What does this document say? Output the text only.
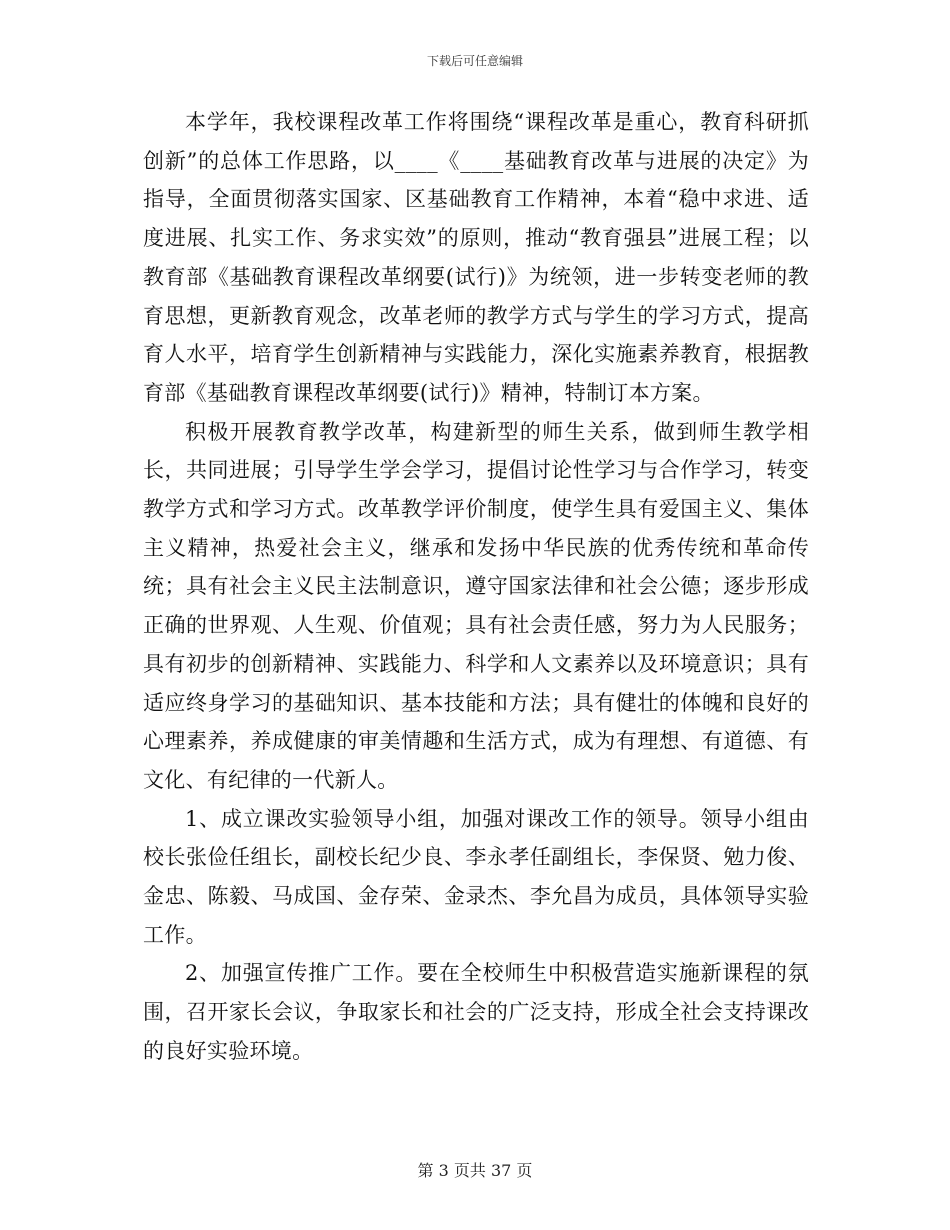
下载后可任意编辑

本学年，我校课程改革工作将围绕“课程改革是重心，教育科研抓创新”的总体工作思路，以____《____基础教育改革与进展的决定》为指导，全面贯彻落实国家、区基础教育工作精神，本着“稳中求进、适度进展、扎实工作、务求实效”的原则，推动“教育强县”进展工程；以教育部《基础教育课程改革纲要(试行)》为统领，进一步转变老师的教育思想，更新教育观念，改革老师的教学方式与学生的学习方式，提高育人水平，培育学生创新精神与实践能力，深化实施素养教育，根据教育部《基础教育课程改革纲要(试行)》精神，特制订本方案。

积极开展教育教学改革，构建新型的师生关系，做到师生教学相长，共同进展；引导学生学会学习，提倡讨论性学习与合作学习，转变教学方式和学习方式。改革教学评价制度，使学生具有爱国主义、集体主义精神，热爱社会主义，继承和发扬中华民族的优秀传统和革命传统；具有社会主义民主法制意识，遵守国家法律和社会公德；逐步形成正确的世界观、人生观、价值观；具有社会责任感，努力为人民服务；具有初步的创新精神、实践能力、科学和人文素养以及环境意识；具有适应终身学习的基础知识、基本技能和方法；具有健壮的体魄和良好的心理素养，养成健康的审美情趣和生活方式，成为有理想、有道德、有文化、有纪律的一代新人。

1、成立课改实验领导小组，加强对课改工作的领导。领导小组由校长张俭任组长，副校长纪少良、李永孝任副组长，李保贤、勉力俊、金忠、陈毅、马成国、金存荣、金录杰、李允昌为成员，具体领导实验工作。

2、加强宣传推广工作。要在全校师生中积极营造实施新课程的氛围，召开家长会议，争取家长和社会的广泛支持，形成全社会支持课改的良好实验环境。

第 3 页共 37 页
